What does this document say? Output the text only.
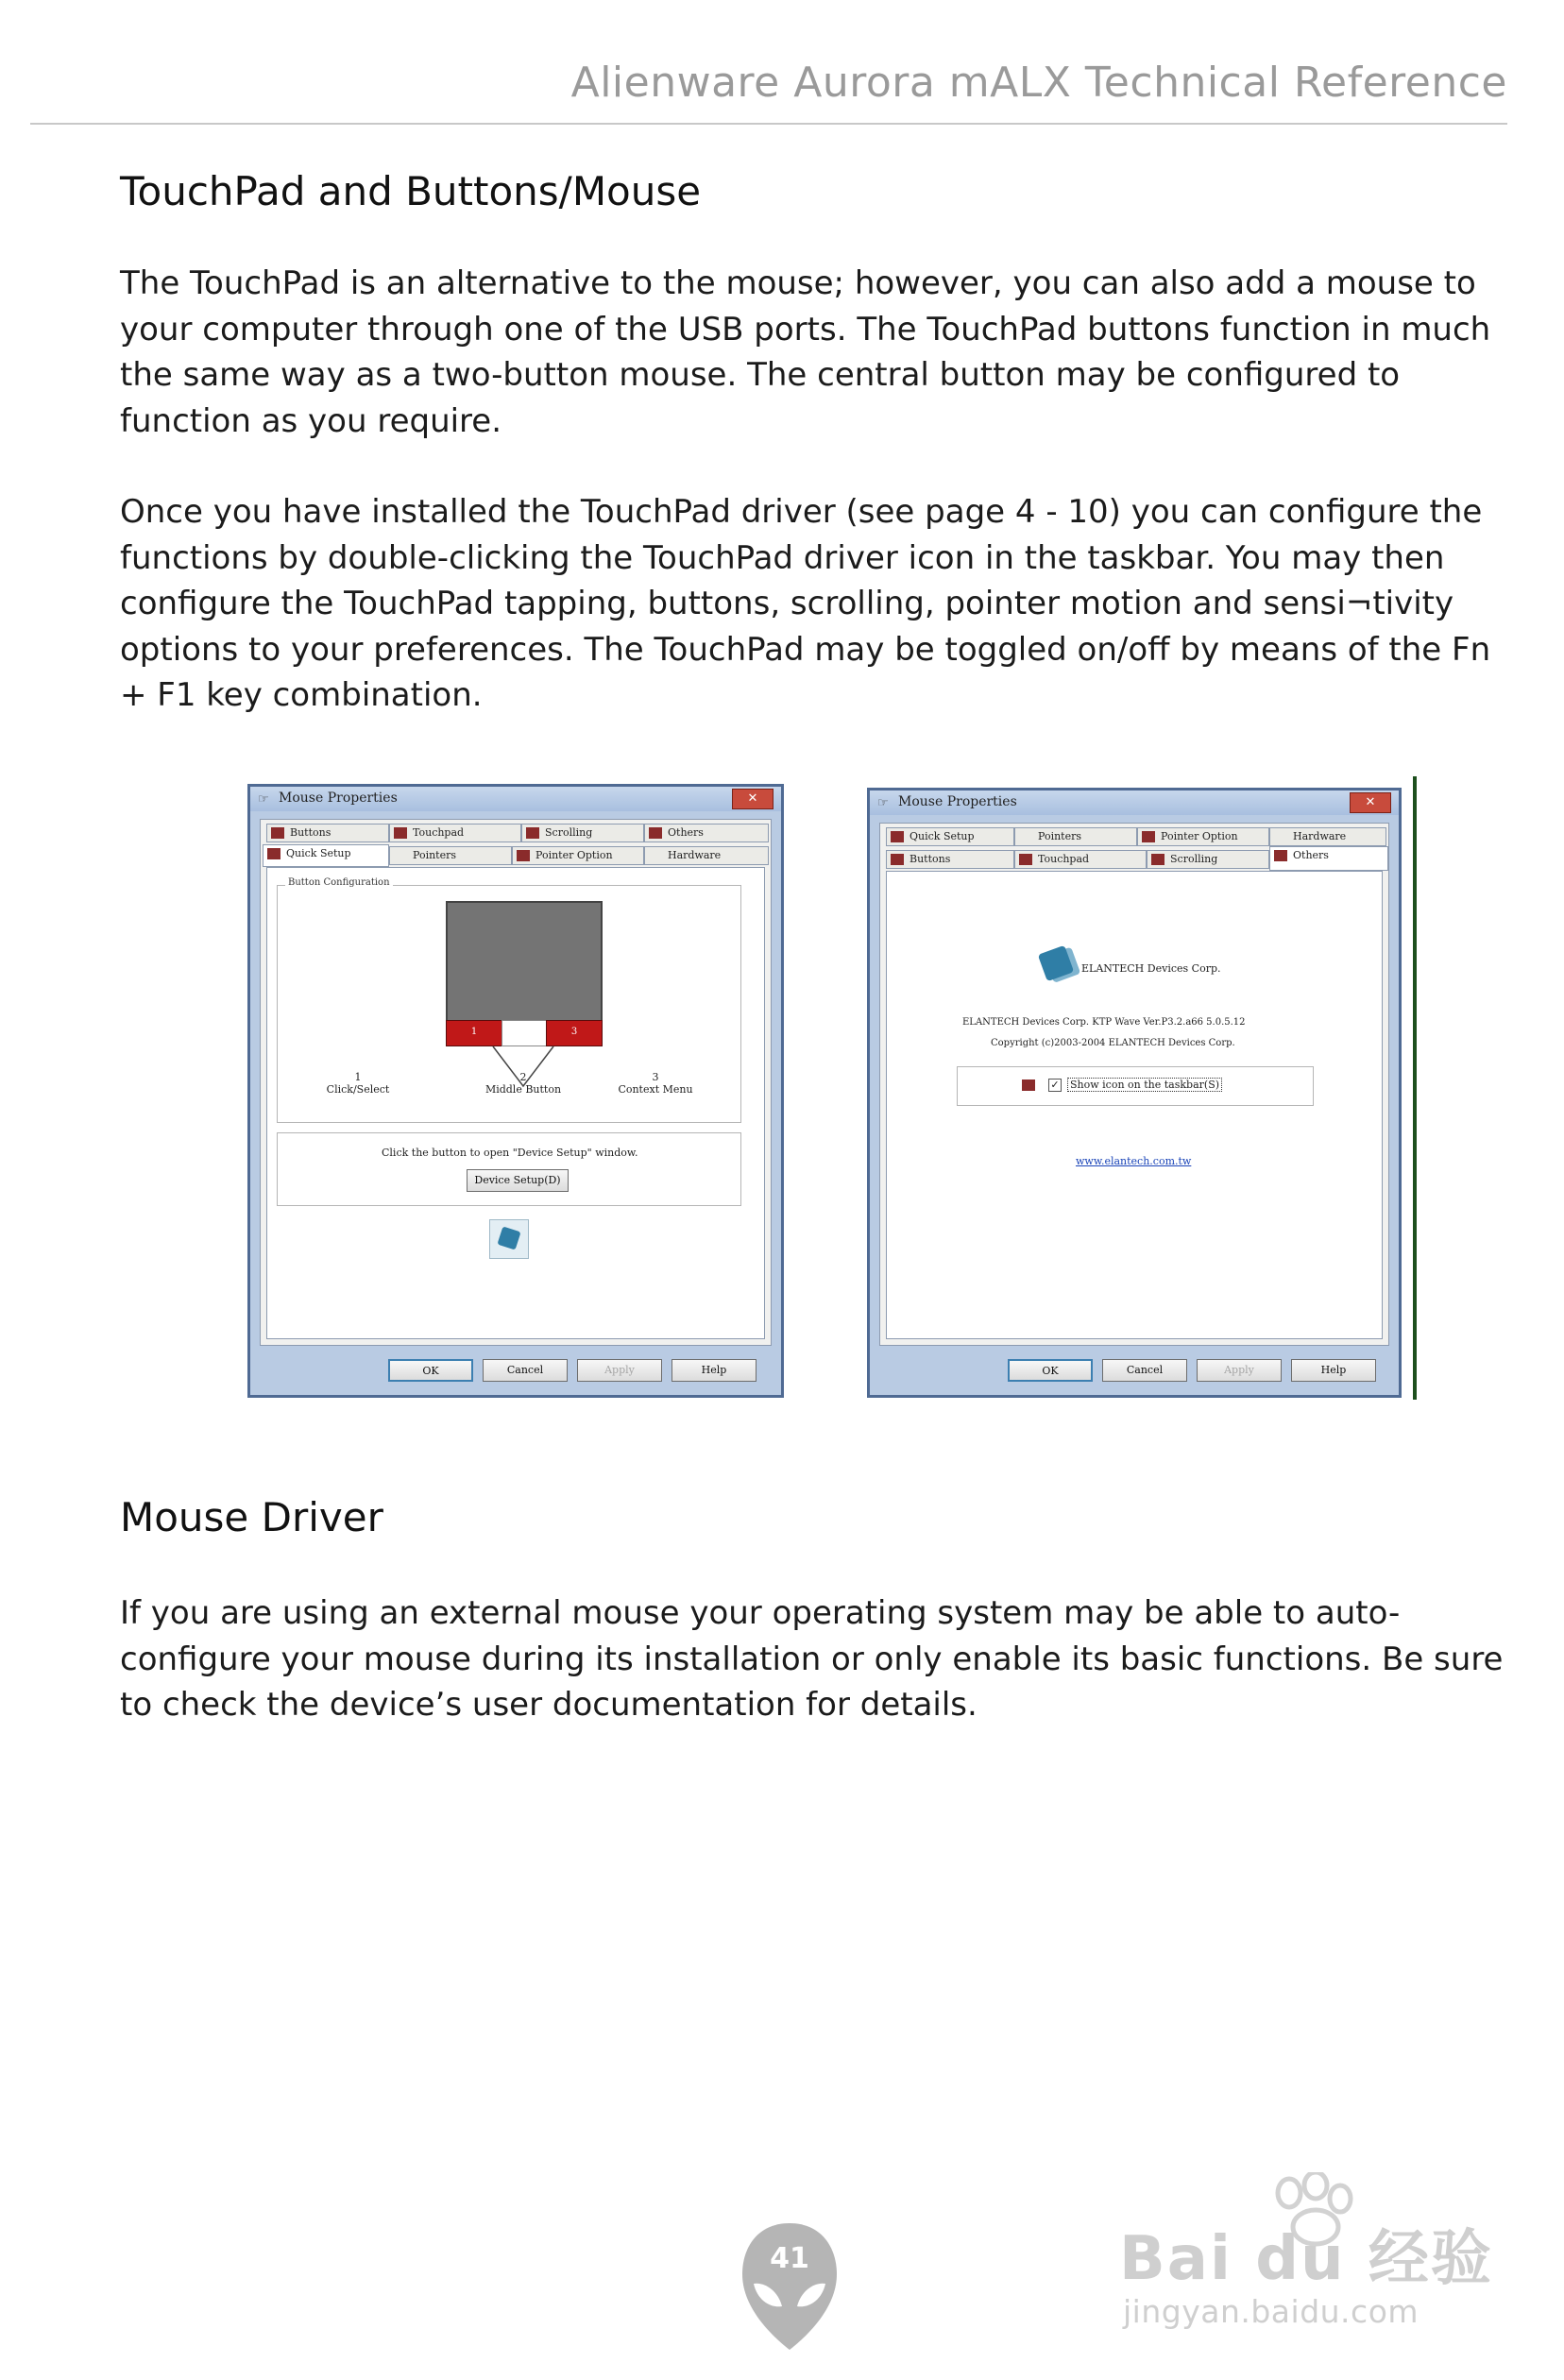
Alienware Aurora mALX Technical Reference
TouchPad and Buttons/Mouse

The TouchPad is an alternative to the mouse; however, you can also add a mouse to your computer through one of the USB ports. The TouchPad buttons function in much the same way as a two-button mouse. The central button may be configured to function as you require.

Once you have installed the TouchPad driver (see page 4 - 10) you can configure the functions by double-clicking the TouchPad driver icon in the taskbar. You may then configure the TouchPad tapping, buttons, scrolling, pointer motion and sensi¬tivity options to your preferences. The TouchPad may be toggled on/off by means of the Fn + F1 key combination.

☞ Mouse Properties	✕
Buttons	Touchpad	Scrolling	Others
Quick Setup	Pointers	Pointer Option	Hardware
Button Configuration
1	3
1
Click/Select
2
Middle Button
3
Context Menu
Click the button to open "Device Setup" window.
Device Setup(D)
OK	Cancel	Apply	Help
☞ Mouse Properties	✕
Quick Setup	Pointers	Pointer Option	Hardware
Buttons	Touchpad	Scrolling	Others
ELANTECH Devices Corp.
ELANTECH Devices Corp. KTP Wave Ver.P3.2.a66 5.0.5.12
Copyright (c)2003-2004 ELANTECH Devices Corp.
✓ Show icon on the taskbar(S)
www.elantech.com.tw
OK	Cancel	Apply	Help
Mouse Driver

If you are using an external mouse your operating system may be able to auto-configure your mouse during its installation or only enable its basic functions. Be sure to check the device’s user documentation for details.

41	Bai du 经验
jingyan.baidu.com
